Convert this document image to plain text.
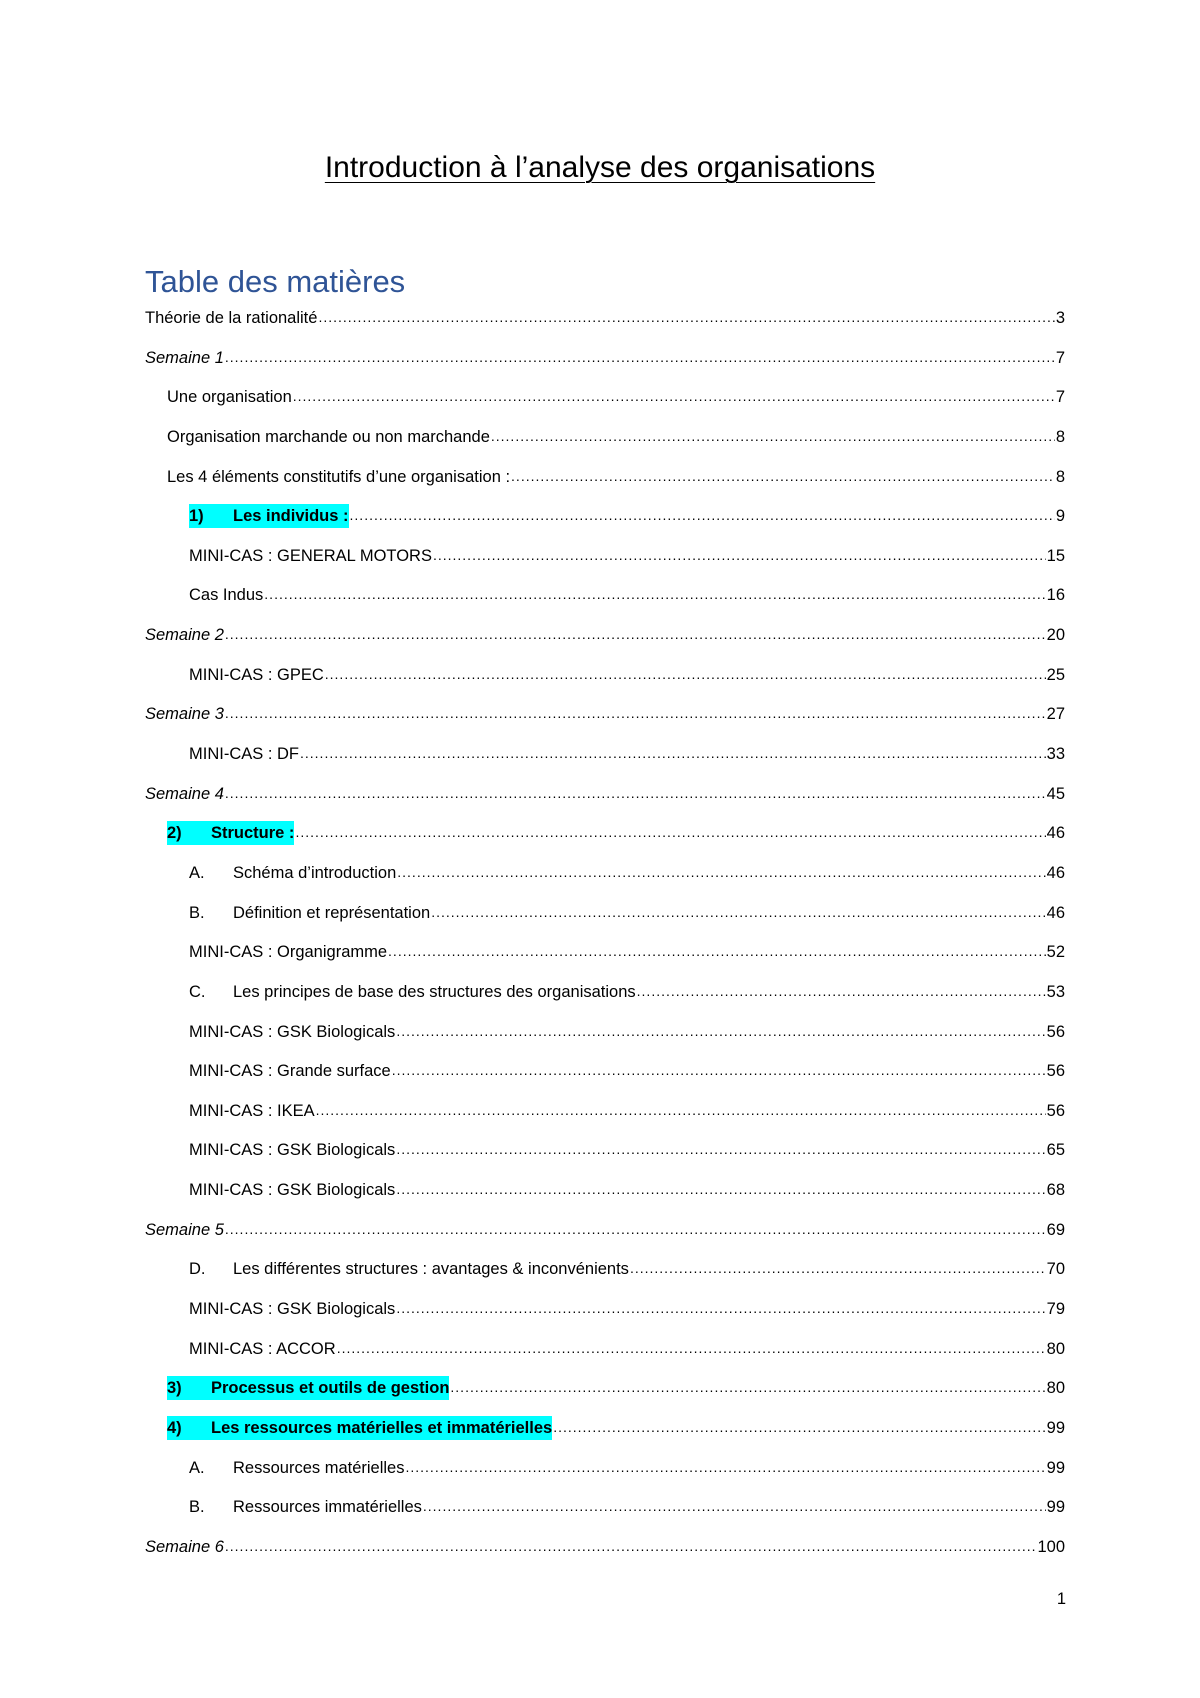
Introduction à l’analyse des organisations
Table des matières
Théorie de la rationalité .....	3
Semaine 1 .....	7
Une organisation .....	7
Organisation marchande ou non marchande .....	8
Les 4 éléments constitutifs d’une organisation : .....	8
1)	Les individus : .....	9
MINI-CAS : GENERAL MOTORS .....	15
Cas Indus .....	16
Semaine 2 .....	20
MINI-CAS : GPEC .....	25
Semaine 3 .....	27
MINI-CAS : DF .....	33
Semaine 4 .....	45
2)	Structure : .....	46
A.	Schéma d’introduction .....	46
B.	Définition et représentation .....	46
MINI-CAS : Organigramme .....	52
C.	Les principes de base des structures des organisations .....	53
MINI-CAS : GSK Biologicals .....	56
MINI-CAS : Grande surface .....	56
MINI-CAS : IKEA .....	56
MINI-CAS : GSK Biologicals .....	65
MINI-CAS : GSK Biologicals .....	68
Semaine 5 .....	69
D.	Les différentes structures : avantages & inconvénients .....	70
MINI-CAS : GSK Biologicals .....	79
MINI-CAS : ACCOR .....	80
3)	Processus et outils de gestion .....	80
4)	Les ressources matérielles et immatérielles .....	99
A.	Ressources matérielles .....	99
B.	Ressources immatérielles .....	99
Semaine 6 .....	100
1
